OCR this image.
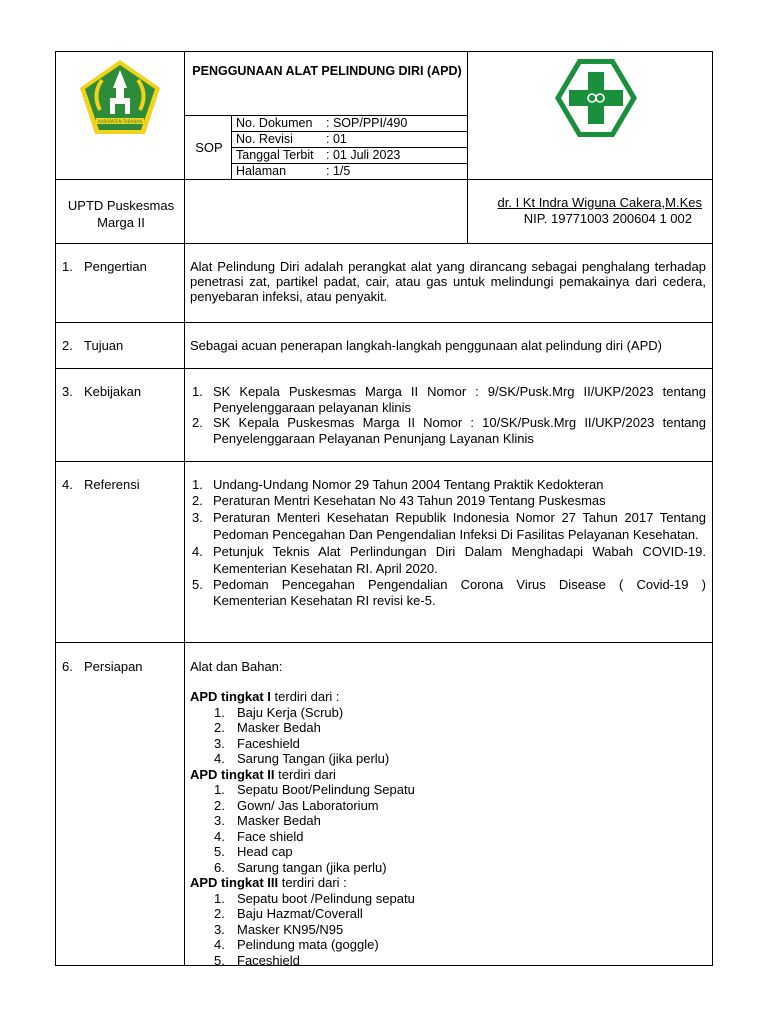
KABUPATEN TABANAN
PENGGUNAAN ALAT PELINDUNG DIRI (APD)
SOP
No. Dokumen : SOP/PPI/490
No. Revisi	: 01
Tanggal Terbit : 01 Juli 2023
Halaman	: 1/5
UPTD Puskesmas
Marga II
dr. I Kt Indra Wiguna Cakera,M.Kes
NIP. 19771003 200604 1 002
1. Pengertian	Alat Pelindung Diri adalah perangkat alat yang dirancang sebagai penghalang terhadap penetrasi zat, partikel padat, cair, atau gas untuk melindungi pemakainya dari cedera, penyebaran infeksi, atau penyakit.
2. Tujuan	Sebagai acuan penerapan langkah-langkah penggunaan alat pelindung diri (APD)
3. Kebijakan	1. SK Kepala Puskesmas Marga II Nomor : 9/SK/Pusk.Mrg II/UKP/2023 tentang Penyelenggaraan pelayanan klinis
2. SK Kepala Puskesmas Marga II Nomor : 10/SK/Pusk.Mrg II/UKP/2023 tentang Penyelenggaraan Pelayanan Penunjang Layanan Klinis
4. Referensi	1. Undang-Undang Nomor 29 Tahun 2004 Tentang Praktik Kedokteran
2. Peraturan Mentri Kesehatan No 43 Tahun 2019 Tentang Puskesmas
3. Peraturan Menteri Kesehatan Republik Indonesia Nomor 27 Tahun 2017 Tentang Pedoman Pencegahan Dan Pengendalian Infeksi Di Fasilitas Pelayanan Kesehatan.
4. Petunjuk Teknis Alat Perlindungan Diri Dalam Menghadapi Wabah COVID-19. Kementerian Kesehatan RI. April 2020.
5. Pedoman Pencegahan Pengendalian Corona Virus Disease ( Covid-19 ) Kementerian Kesehatan RI revisi ke-5.
6. Persiapan	Alat dan Bahan:
APD tingkat I terdiri dari :
1. Baju Kerja (Scrub)
2. Masker Bedah
3. Faceshield
4. Sarung Tangan (jika perlu)
APD tingkat II terdiri dari
1. Sepatu Boot/Pelindung Sepatu
2. Gown/ Jas Laboratorium
3. Masker Bedah
4. Face shield
5. Head cap
6. Sarung tangan (jika perlu)
APD tingkat III terdiri dari :
1. Sepatu boot /Pelindung sepatu
2. Baju Hazmat/Coverall
3. Masker KN95/N95
4. Pelindung mata (goggle)
5. Faceshield
